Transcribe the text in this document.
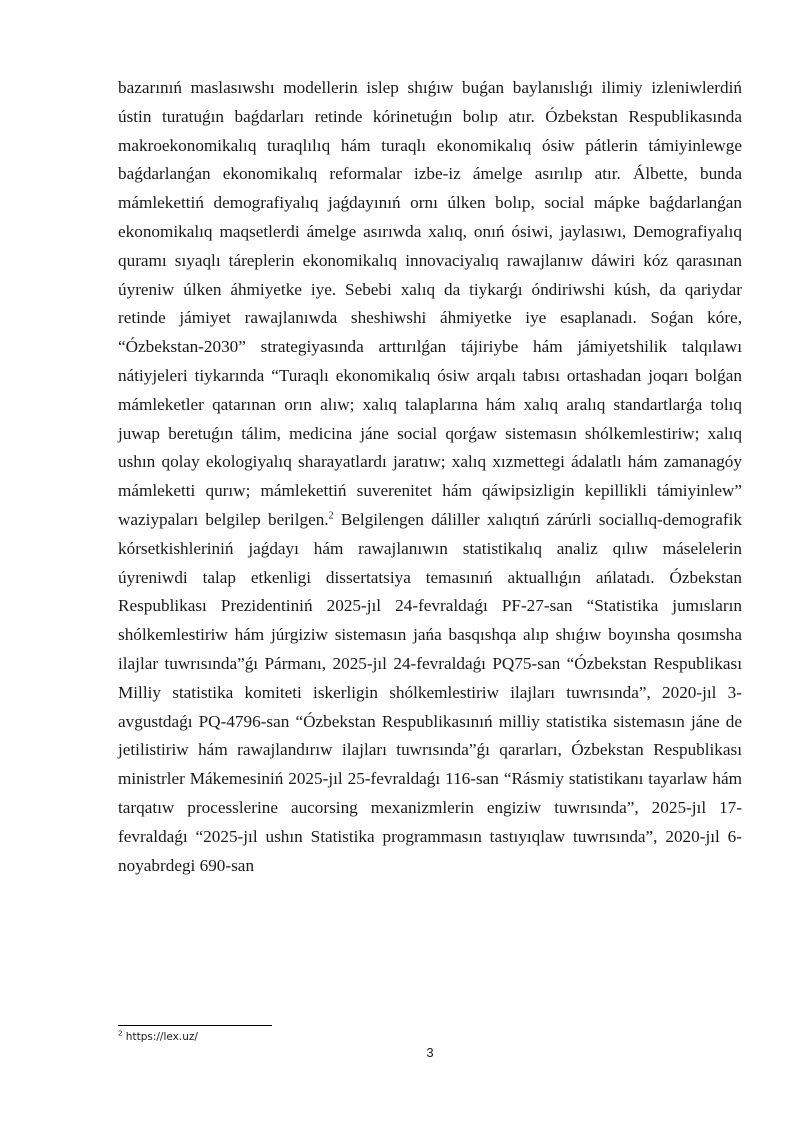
bazarınıń maslasıwshı modellerin islep shıǵıw buǵan baylanıslıǵı ilimiy izleniwlerdiń ústin turatuǵın baǵdarları retinde kórinetuǵın bolıp atır. Ózbekstan Respublikasında makroekonomikalıq turaqlılıq hám turaqlı ekonomikalıq ósiw pátlerin támiyinlewge baǵdarlanǵan ekonomikalıq reformalar izbe-iz ámelge asırılıp atır. Álbette, bunda mámlekettiń demografiyalıq jaǵdayınıń ornı úlken bolıp, social mápke baǵdarlanǵan ekonomikalıq maqsetlerdi ámelge asırıwda xalıq, onıń ósiwi, jaylasıwı, Demografiyalıq quramı sıyaqlı táreplerin ekonomikalıq innovaciyalıq rawajlanıw dáwiri kóz qarasınan úyreniw úlken áhmiyetke iye. Sebebi xalıq da tiykarǵı óndiriwshi kúsh, da qariydar retinde jámiyet rawajlanıwda sheshiwshi áhmiyetke iye esaplanadı. Soǵan kóre, “Ózbekstan-2030” strategiyasında arttırılǵan tájiriybe hám jámiyetshilik talqılawı nátiyjeleri tiykarında “Turaqlı ekonomikalıq ósiw arqalı tabısı ortashadan joqarı bolǵan mámleketler qatarınan orın alıw; xalıq talaplarına hám xalıq aralıq standartlarǵa tolıq juwap beretuǵın tálim, medicina jáne social qorǵaw sistemasın shólkemlestiriw; xalıq ushın qolay ekologiyalıq sharayatlardı jaratıw; xalıq xızmettegi ádalatlı hám zamanagóy mámleketti qurıw; mámlekettiń suverenitet hám qáwipsizligin kepillikli támiyinlew” waziypaları belgilep berilgen.$^2$ Belgilengen dáliller xalıqtıń zárúrli sociallıq-demografik kórsetkishleriniń jaǵdayı hám rawajlanıwın statistikalıq analiz qılıw máselelerin úyreniwdi talap etkenligi dissertatsiya temasınıń aktuallıǵın ańlatadı. Ózbekstan Respublikası Prezidentiniń 2025-jıl 24-fevraldaǵı PF-27-san “Statistika jumısların shólkemlestiriw hám júrgiziw sistemasın jańa basqıshqa alıp shıǵıw boyınsha qosımsha ilajlar tuwrısında”ǵı Pármanı, 2025-jıl 24-fevraldaǵı PQ75-san “Ózbekstan Respublikası Milliy statistika komiteti iskerligin shólkemlestiriw ilajları tuwrısında”, 2020-jıl 3-avgustdaǵı PQ-4796-san “Ózbekstan Respublikasınıń milliy statistika sistemasın jáne de jetilistiriw hám rawajlandırıw ilajları tuwrısında”ǵı qararları, Ózbekstan Respublikası ministrler Mákemesiniń 2025-jıl 25-fevraldaǵı 116-san “Rásmiy statistikanı tayarlaw hám tarqatıw processlerine aucorsing mexanizmlerin engiziw tuwrısında”, 2025-jıl 17-fevraldaǵı “2025-jıl ushın Statistika programmasın tastıyıqlaw tuwrısında”, 2020-jıl 6-noyabrdegi 690-san

$^2$ https://lex.uz/

3
